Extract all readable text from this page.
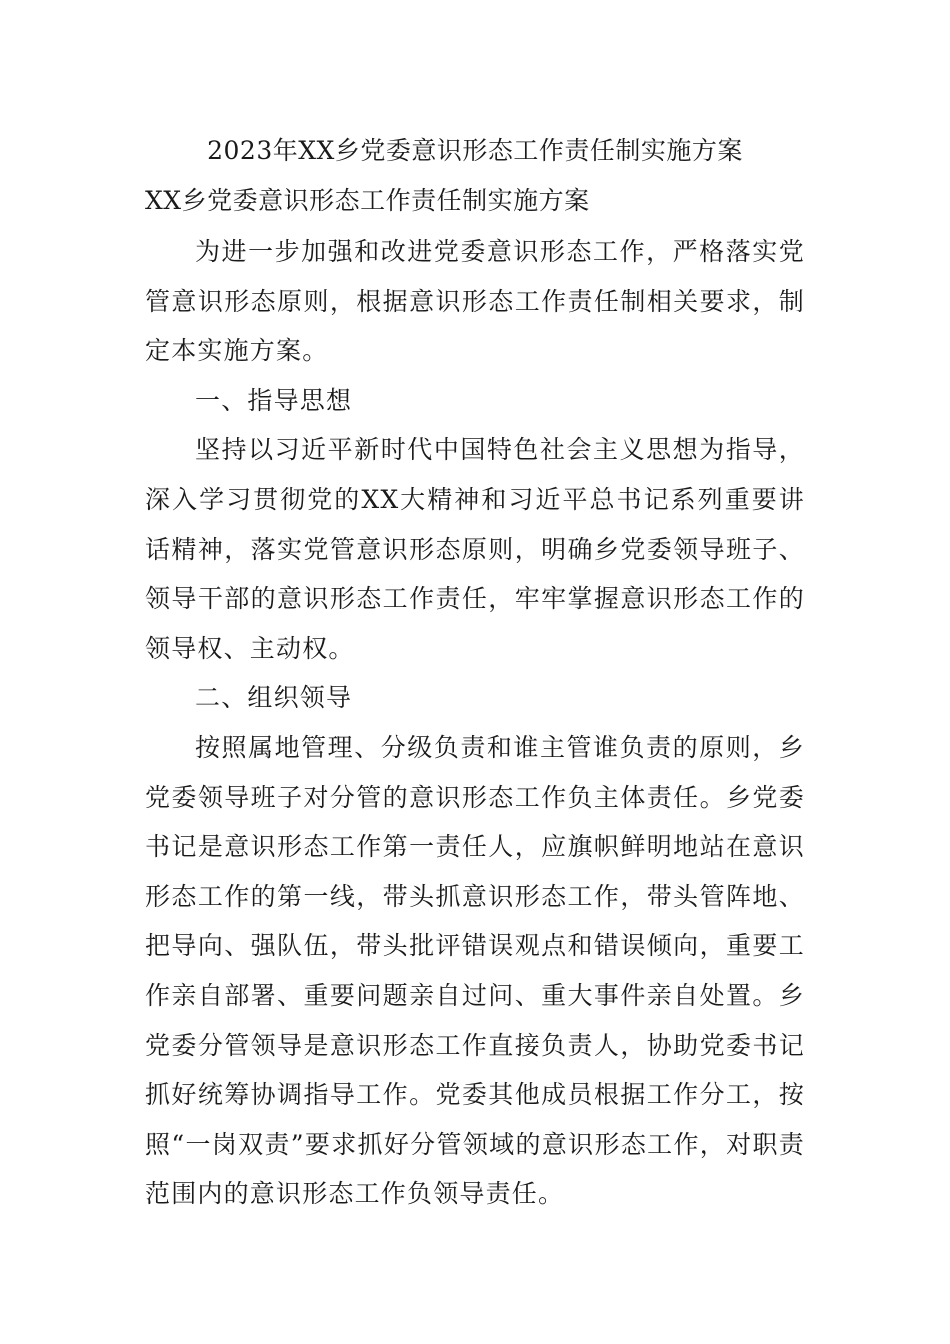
2023年XX乡党委意识形态工作责任制实施方案
XX乡党委意识形态工作责任制实施方案

为进一步加强和改进党委意识形态工作，严格落实党管意识形态原则，根据意识形态工作责任制相关要求，制定本实施方案。

一、指导思想

坚持以习近平新时代中国特色社会主义思想为指导，深入学习贯彻党的XX大精神和习近平总书记系列重要讲话精神，落实党管意识形态原则，明确乡党委领导班子、领导干部的意识形态工作责任，牢牢掌握意识形态工作的领导权、主动权。

二、组织领导

按照属地管理、分级负责和谁主管谁负责的原则，乡党委领导班子对分管的意识形态工作负主体责任。乡党委书记是意识形态工作第一责任人，应旗帜鲜明地站在意识形态工作的第一线，带头抓意识形态工作，带头管阵地、把导向、强队伍，带头批评错误观点和错误倾向，重要工作亲自部署、重要问题亲自过问、重大事件亲自处置。乡党委分管领导是意识形态工作直接负责人，协助党委书记抓好统筹协调指导工作。党委其他成员根据工作分工，按照“一岗双责”要求抓好分管领域的意识形态工作，对职责范围内的意识形态工作负领导责任。
